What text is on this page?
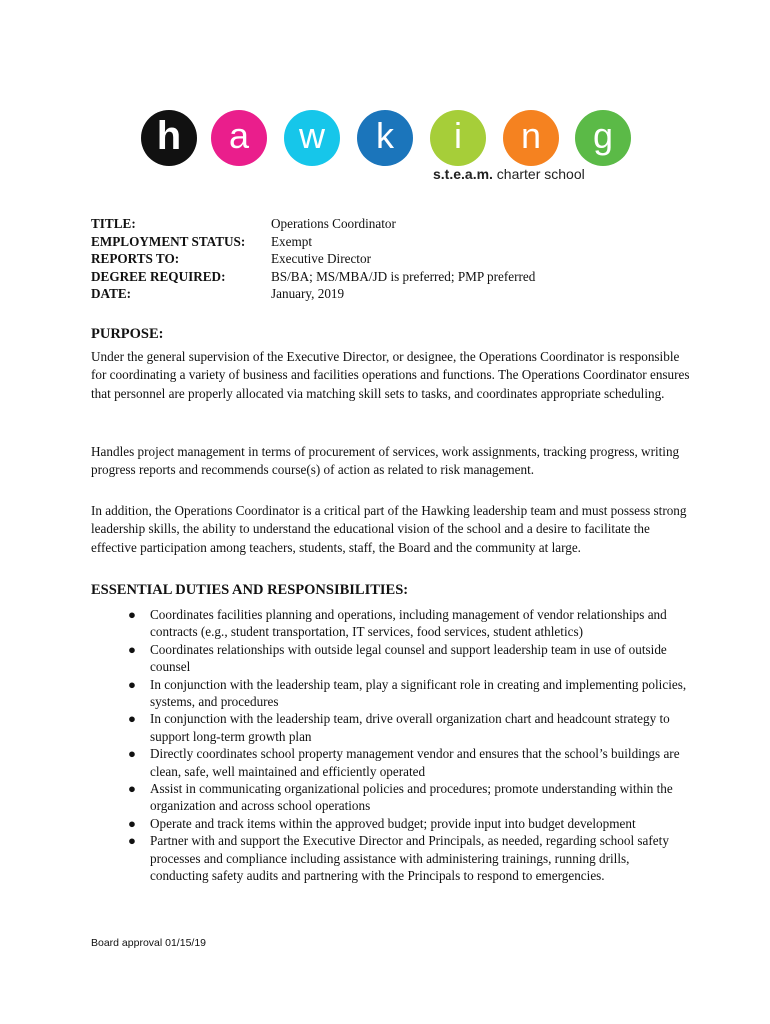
h	a	w	k	i	n	g
s.t.e.a.m. charter school
TITLE:	Operations Coordinator
EMPLOYMENT STATUS:	Exempt
REPORTS TO:	Executive Director
DEGREE REQUIRED:	BS/BA; MS/MBA/JD is preferred; PMP preferred
DATE:	January, 2019
PURPOSE:

Under the general supervision of the Executive Director, or designee, the Operations Coordinator is responsible for coordinating a variety of business and facilities operations and functions. The Operations Coordinator ensures that personnel are properly allocated via matching skill sets to tasks, and coordinates appropriate scheduling.

Handles project management in terms of procurement of services, work assignments, tracking progress, writing progress reports and recommends course(s) of action as related to risk management.

In addition, the Operations Coordinator is a critical part of the Hawking leadership team and must possess strong leadership skills, the ability to understand the educational vision of the school and a desire to facilitate the effective participation among teachers, students, staff, the Board and the community at large.

ESSENTIAL DUTIES AND RESPONSIBILITIES:
● Coordinates facilities planning and operations, including management of vendor relationships and contracts (e.g., student transportation, IT services, food services, student athletics)
● Coordinates relationships with outside legal counsel and support leadership team in use of outside counsel
● In conjunction with the leadership team, play a significant role in creating and implementing policies, systems, and procedures
● In conjunction with the leadership team, drive overall organization chart and headcount strategy to support long-term growth plan
● Directly coordinates school property management vendor and ensures that the school’s buildings are clean, safe, well maintained and efficiently operated
● Assist in communicating organizational policies and procedures; promote understanding within the organization and across school operations
● Operate and track items within the approved budget; provide input into budget development
● Partner with and support the Executive Director and Principals, as needed, regarding school safety processes and compliance including assistance with administering trainings, running drills, conducting safety audits and partnering with the Principals to respond to emergencies.
Board approval 01/15/19
